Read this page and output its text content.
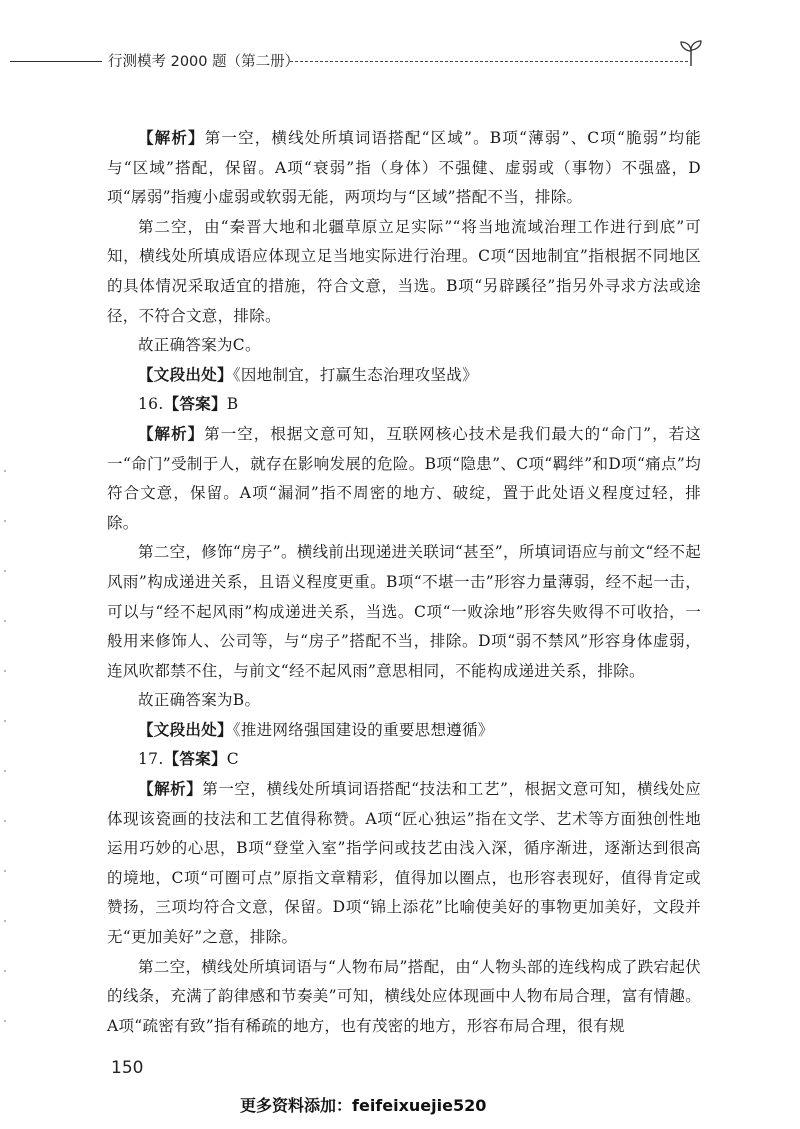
行测模考 2000 题（第二册）

【解析】第一空，横线处所填词语搭配“区域”。B项“薄弱”、C项“脆弱”均能与“区域”搭配，保留。A项“衰弱”指（身体）不强健、虚弱或（事物）不强盛，D项“孱弱”指瘦小虚弱或软弱无能，两项均与“区域”搭配不当，排除。

第二空，由“秦晋大地和北疆草原立足实际”“将当地流域治理工作进行到底”可知，横线处所填成语应体现立足当地实际进行治理。C项“因地制宜”指根据不同地区的具体情况采取适宜的措施，符合文意，当选。B项“另辟蹊径”指另外寻求方法或途径，不符合文意，排除。

故正确答案为C。

【文段出处】《因地制宜，打赢生态治理攻坚战》

16.【答案】B

【解析】第一空，根据文意可知，互联网核心技术是我们最大的“命门”，若这一“命门”受制于人，就存在影响发展的危险。B项“隐患”、C项“羁绊”和D项“痛点”均符合文意，保留。A项“漏洞”指不周密的地方、破绽，置于此处语义程度过轻，排除。

第二空，修饰“房子”。横线前出现递进关联词“甚至”，所填词语应与前文“经不起风雨”构成递进关系，且语义程度更重。B项“不堪一击”形容力量薄弱，经不起一击，可以与“经不起风雨”构成递进关系，当选。C项“一败涂地”形容失败得不可收拾，一般用来修饰人、公司等，与“房子”搭配不当，排除。D项“弱不禁风”形容身体虚弱，连风吹都禁不住，与前文“经不起风雨”意思相同，不能构成递进关系，排除。

故正确答案为B。

【文段出处】《推进网络强国建设的重要思想遵循》

17.【答案】C

【解析】第一空，横线处所填词语搭配“技法和工艺”，根据文意可知，横线处应体现该瓷画的技法和工艺值得称赞。A项“匠心独运”指在文学、艺术等方面独创性地运用巧妙的心思，B项“登堂入室”指学问或技艺由浅入深，循序渐进，逐渐达到很高的境地，C项“可圈可点”原指文章精彩，值得加以圈点，也形容表现好，值得肯定或赞扬，三项均符合文意，保留。D项“锦上添花”比喻使美好的事物更加美好，文段并无“更加美好”之意，排除。

第二空，横线处所填词语与“人物布局”搭配，由“人物头部的连线构成了跌宕起伏的线条，充满了韵律感和节奏美”可知，横线处应体现画中人物布局合理，富有情趣。A项“疏密有致”指有稀疏的地方，也有茂密的地方，形容布局合理，很有规

150
更多资料添加：feifeixuejie520
